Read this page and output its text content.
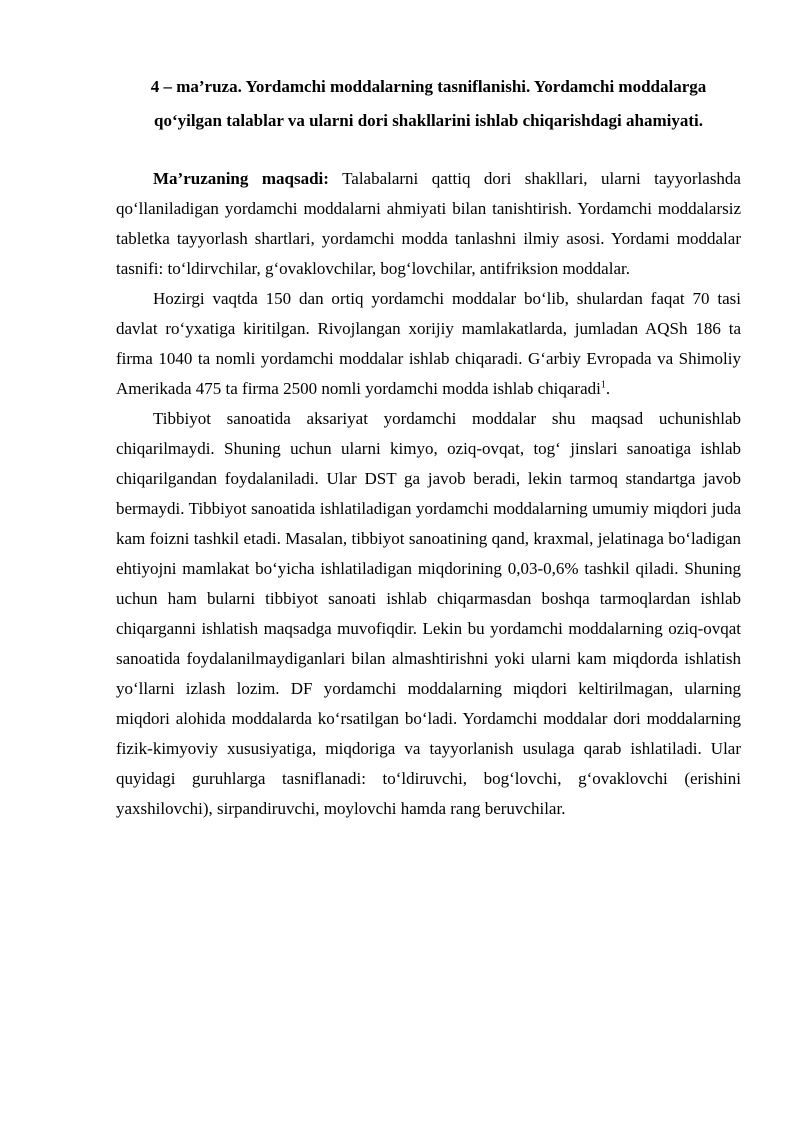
4 – ma’ruza. Yordamchi moddalarning tasniflanishi. Yordamchi moddalarga
qo‘yilgan talablar va ularni dori shakllarini ishlab chiqarishdagi ahamiyati.

Ma’ruzaning maqsadi: Talabalarni qattiq dori shakllari, ularni tayyorlashda qo‘llaniladigan yordamchi moddalarni ahmiyati bilan tanishtirish. Yordamchi moddalarsiz tabletka tayyorlash shartlari, yordamchi modda tanlashni ilmiy asosi. Yordami moddalar tasnifi: to‘ldirvchilar, g‘ovaklovchilar, bog‘lovchilar, antifriksion moddalar.

Hozirgi vaqtda 150 dan ortiq yordamchi moddalar bo‘lib, shulardan faqat 70 tasi davlat ro‘yxatiga kiritilgan. Rivojlangan xorijiy mamlakatlarda, jumladan AQSh 186 ta firma 1040 ta nomli yordamchi moddalar ishlab chiqaradi. G‘arbiy Evropada va Shimoliy Amerikada 475 ta firma 2500 nomli yordamchi modda ishlab chiqaradi$^1$.

Tibbiyot sanoatida aksariyat yordamchi moddalar shu maqsad uchunishlab chiqarilmaydi. Shuning uchun ularni kimyo, oziq-ovqat, tog‘ jinslari sanoatiga ishlab chiqarilgandan foydalaniladi. Ular DST ga javob beradi, lekin tarmoq standartga javob bermaydi. Tibbiyot sanoatida ishlatiladigan yordamchi moddalarning umumiy miqdori juda kam foizni tashkil etadi. Masalan, tibbiyot sanoatining qand, kraxmal, jelatinaga bo‘ladigan ehtiyojni mamlakat bo‘yicha ishlatiladigan miqdorining 0,03-0,6% tashkil qiladi. Shuning uchun ham bularni tibbiyot sanoati ishlab chiqarmasdan boshqa tarmoqlardan ishlab chiqarganni ishlatish maqsadga muvofiqdir. Lekin bu yordamchi moddalarning oziq-ovqat sanoatida foydalanilmaydiganlari bilan almashtirishni yoki ularni kam miqdorda ishlatish yo‘llarni izlash lozim. DF yordamchi moddalarning miqdori keltirilmagan, ularning miqdori alohida moddalarda ko‘rsatilgan bo‘ladi. Yordamchi moddalar dori moddalarning fizik-kimyoviy xususiyatiga, miqdoriga va tayyorlanish usulaga qarab ishlatiladi. Ular quyidagi guruhlarga tasniflanadi: to‘ldiruvchi, bog‘lovchi, g‘ovaklovchi (erishini yaxshilovchi), sirpandiruvchi, moylovchi hamda rang beruvchilar.
